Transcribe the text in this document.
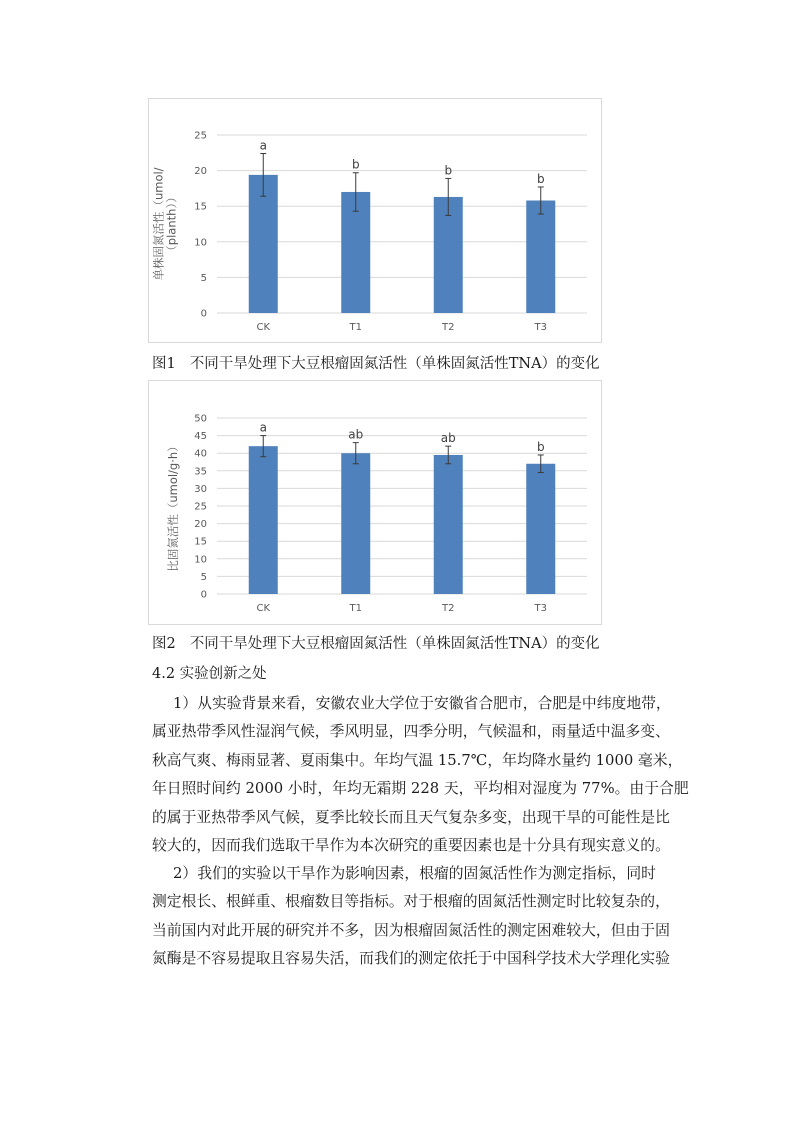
0
5
10
15
20
25
a
CK
b
T1
b
T2
b
T3
单株固氮活性（umol/ （planth））
图1 不同干旱处理下大豆根瘤固氮活性（单株固氮活性TNA）的变化
0
5
10
15
20
25
30
35
40
45
50
a
CK
ab
T1
ab
T2
b
T3
比固氮活性（umol/g·h）
图2 不同干旱处理下大豆根瘤固氮活性（单株固氮活性TNA）的变化
4.2 实验创新之处
1）从实验背景来看，安徽农业大学位于安徽省合肥市，合肥是中纬度地带，
属亚热带季风性湿润气候，季风明显，四季分明，气候温和，雨量适中温多变、
秋高气爽、梅雨显著、夏雨集中。年均气温 15.7℃，年均降水量约 1000 毫米，
年日照时间约 2000 小时，年均无霜期 228 天，平均相对湿度为 77%。由于合肥
的属于亚热带季风气候，夏季比较长而且天气复杂多变，出现干旱的可能性是比
较大的，因而我们选取干旱作为本次研究的重要因素也是十分具有现实意义的。
2）我们的实验以干旱作为影响因素，根瘤的固氮活性作为测定指标，同时
测定根长、根鲜重、根瘤数目等指标。对于根瘤的固氮活性测定时比较复杂的，
当前国内对此开展的研究并不多，因为根瘤固氮活性的测定困难较大，但由于固
氮酶是不容易提取且容易失活，而我们的测定依托于中国科学技术大学理化实验
